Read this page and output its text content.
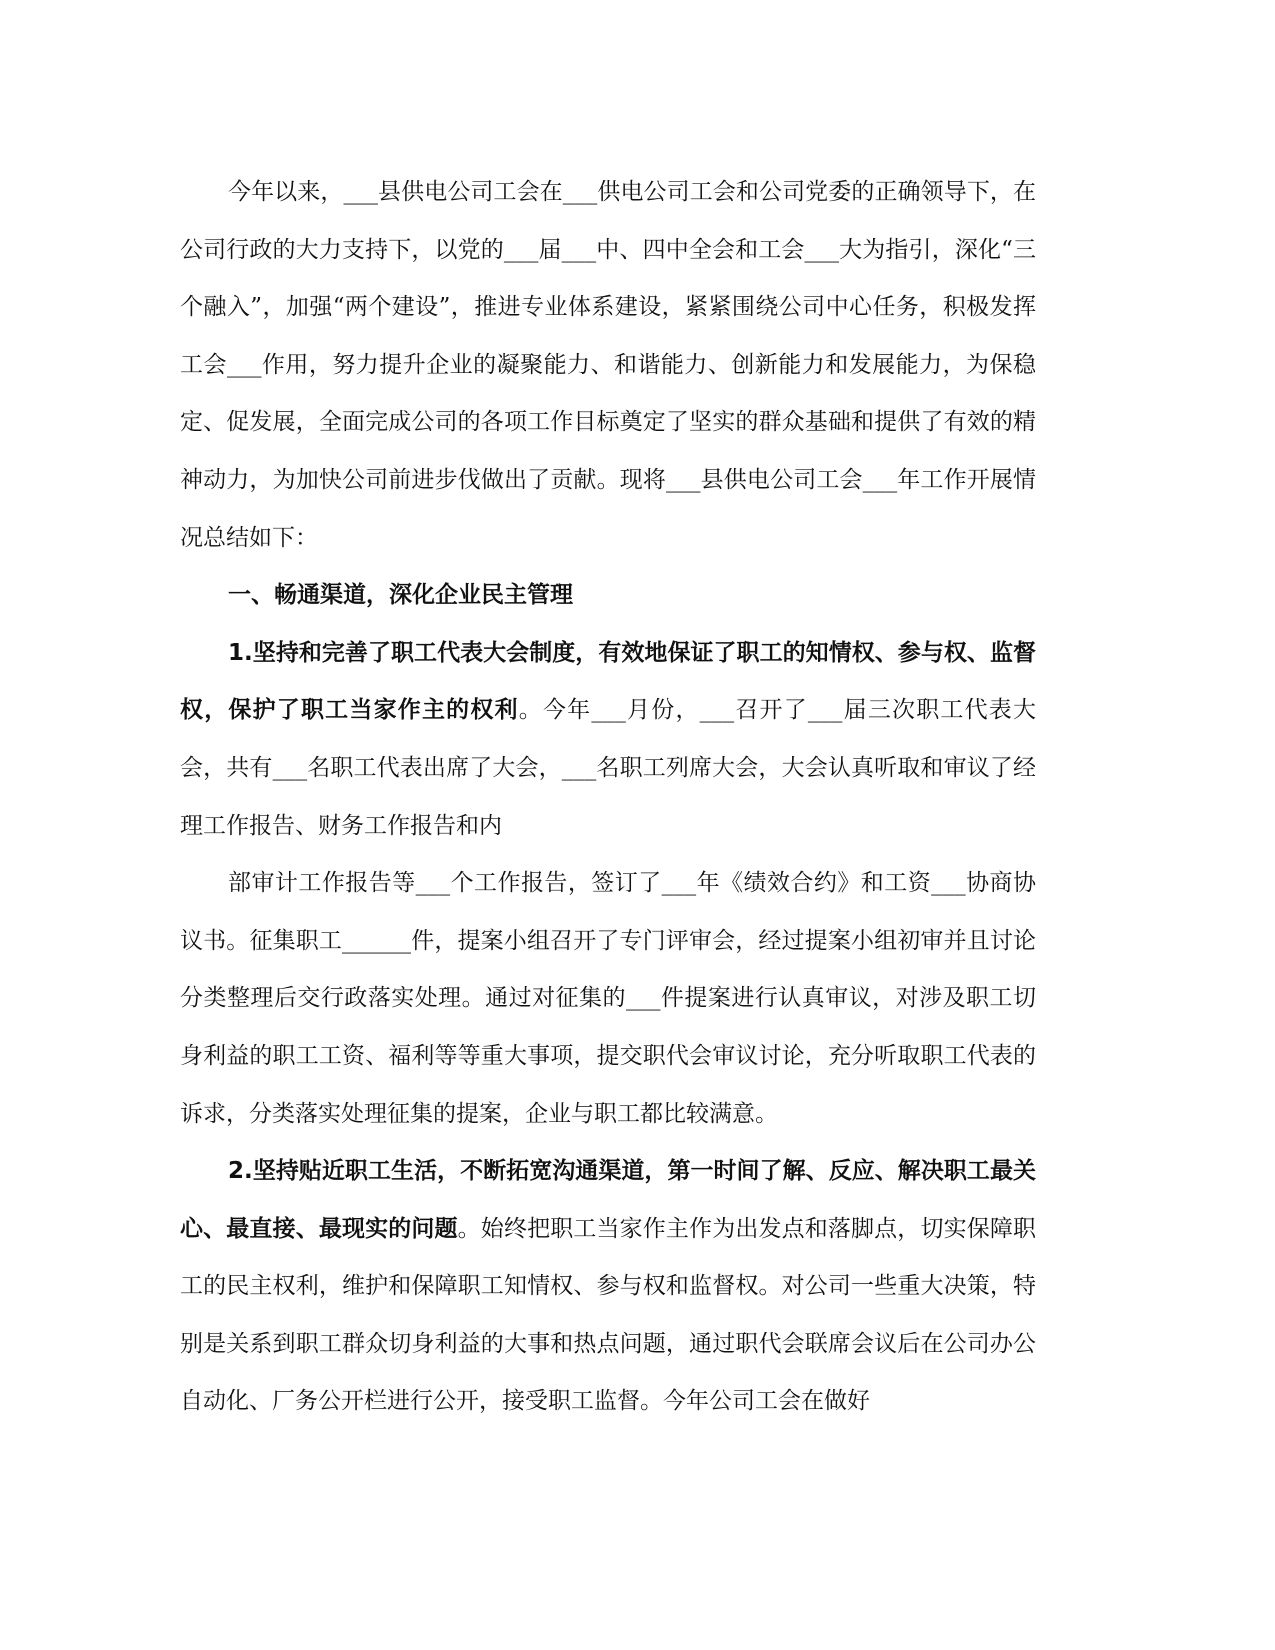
今年以来，___县供电公司工会在___供电公司工会和公司党委的正确领导下，在公司行政的大力支持下，以党的___届___中、四中全会和工会___大为指引，深化“三个融入”，加强“两个建设”，推进专业体系建设，紧紧围绕公司中心任务，积极发挥工会___作用，努力提升企业的凝聚能力、和谐能力、创新能力和发展能力，为保稳定、促发展，全面完成公司的各项工作目标奠定了坚实的群众基础和提供了有效的精神动力，为加快公司前进步伐做出了贡献。现将___县供电公司工会___年工作开展情况总结如下：

一、畅通渠道，深化企业民主管理

1.坚持和完善了职工代表大会制度，有效地保证了职工的知情权、参与权、监督权，保护了职工当家作主的权利。今年___月份，___召开了___届三次职工代表大会，共有___名职工代表出席了大会，___名职工列席大会，大会认真听取和审议了经理工作报告、财务工作报告和内

部审计工作报告等___个工作报告，签订了___年《绩效合约》和工资___协商协议书。征集职工______件，提案小组召开了专门评审会，经过提案小组初审并且讨论分类整理后交行政落实处理。通过对征集的___件提案进行认真审议，对涉及职工切身利益的职工工资、福利等等重大事项，提交职代会审议讨论，充分听取职工代表的诉求，分类落实处理征集的提案，企业与职工都比较满意。

2.坚持贴近职工生活，不断拓宽沟通渠道，第一时间了解、反应、解决职工最关心、最直接、最现实的问题。始终把职工当家作主作为出发点和落脚点，切实保障职工的民主权利，维护和保障职工知情权、参与权和监督权。对公司一些重大决策，特别是关系到职工群众切身利益的大事和热点问题，通过职代会联席会议后在公司办公自动化、厂务公开栏进行公开，接受职工监督。今年公司工会在做好
